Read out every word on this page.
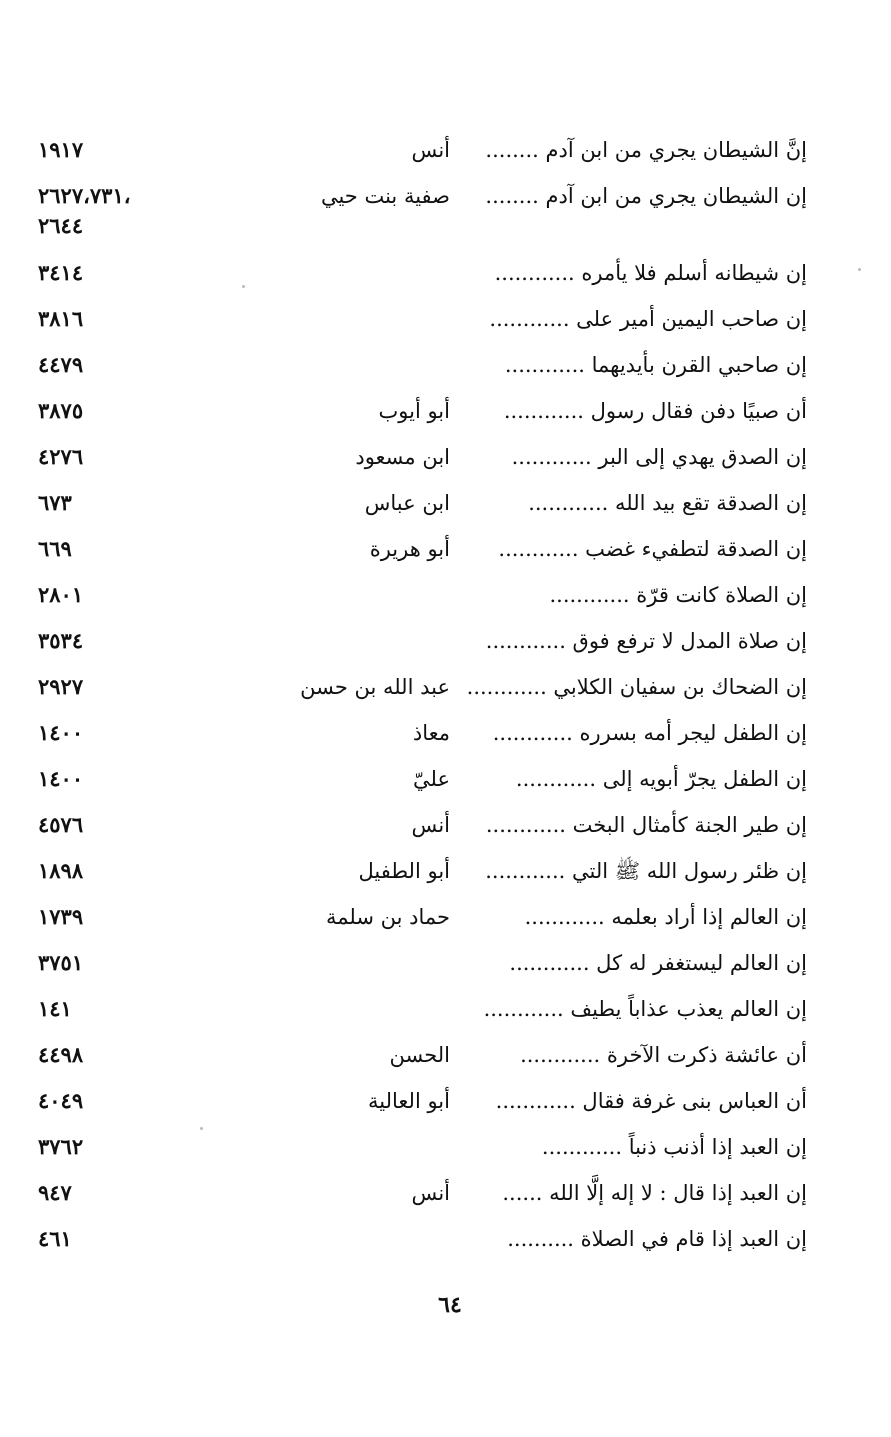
إنَّ الشيطان يجري من ابن آدم ........
أنس
١٩١٧
إن الشيطان يجري من ابن آدم ........
صفية بنت حيي
٢٦٢٧،٧٣١،
٢٦٤٤
إن شيطانه أسلم فلا يأمره ............
٣٤١٤
إن صاحب اليمين أمير على ............
٣٨١٦
إن صاحبي القرن بأيديهما ............
٤٤٧٩
أن صبيًا دفن فقال رسول ............
أبو أيوب
٣٨٧٥
إن الصدق يهدي إلى البر ............
ابن مسعود
٤٢٧٦
إن الصدقة تقع بيد الله ............
ابن عباس
٦٧٣
إن الصدقة لتطفيء غضب ............
أبو هريرة
٦٦٩
إن الصلاة كانت قرّة ............
٢٨٠١
إن صلاة المدل لا ترفع فوق ............
٣٥٣٤
إن الضحاك بن سفيان الكلابي ............
عبد الله بن حسن
٢٩٢٧
إن الطفل ليجر أمه بسرره ............
معاذ
١٤٠٠
إن الطفل يجرّ أبويه إلى ............
عليّ
١٤٠٠
إن طير الجنة كأمثال البخت ............
أنس
٤٥٧٦
إن ظئر رسول الله ﷺ التي ............
أبو الطفيل
١٨٩٨
إن العالم إذا أراد بعلمه ............
حماد بن سلمة
١٧٣٩
إن العالم ليستغفر له كل ............
٣٧٥١
إن العالم يعذب عذاباً يطيف ............
١٤١
أن عائشة ذكرت الآخرة ............
الحسن
٤٤٩٨
أن العباس بنى غرفة فقال ............
أبو العالية
٤٠٤٩
إن العبد إذا أذنب ذنباً ............
٣٧٦٢
إن العبد إذا قال : لا إله إلَّا الله ......
أنس
٩٤٧
إن العبد إذا قام في الصلاة ..........
٤٦١
٦٤
